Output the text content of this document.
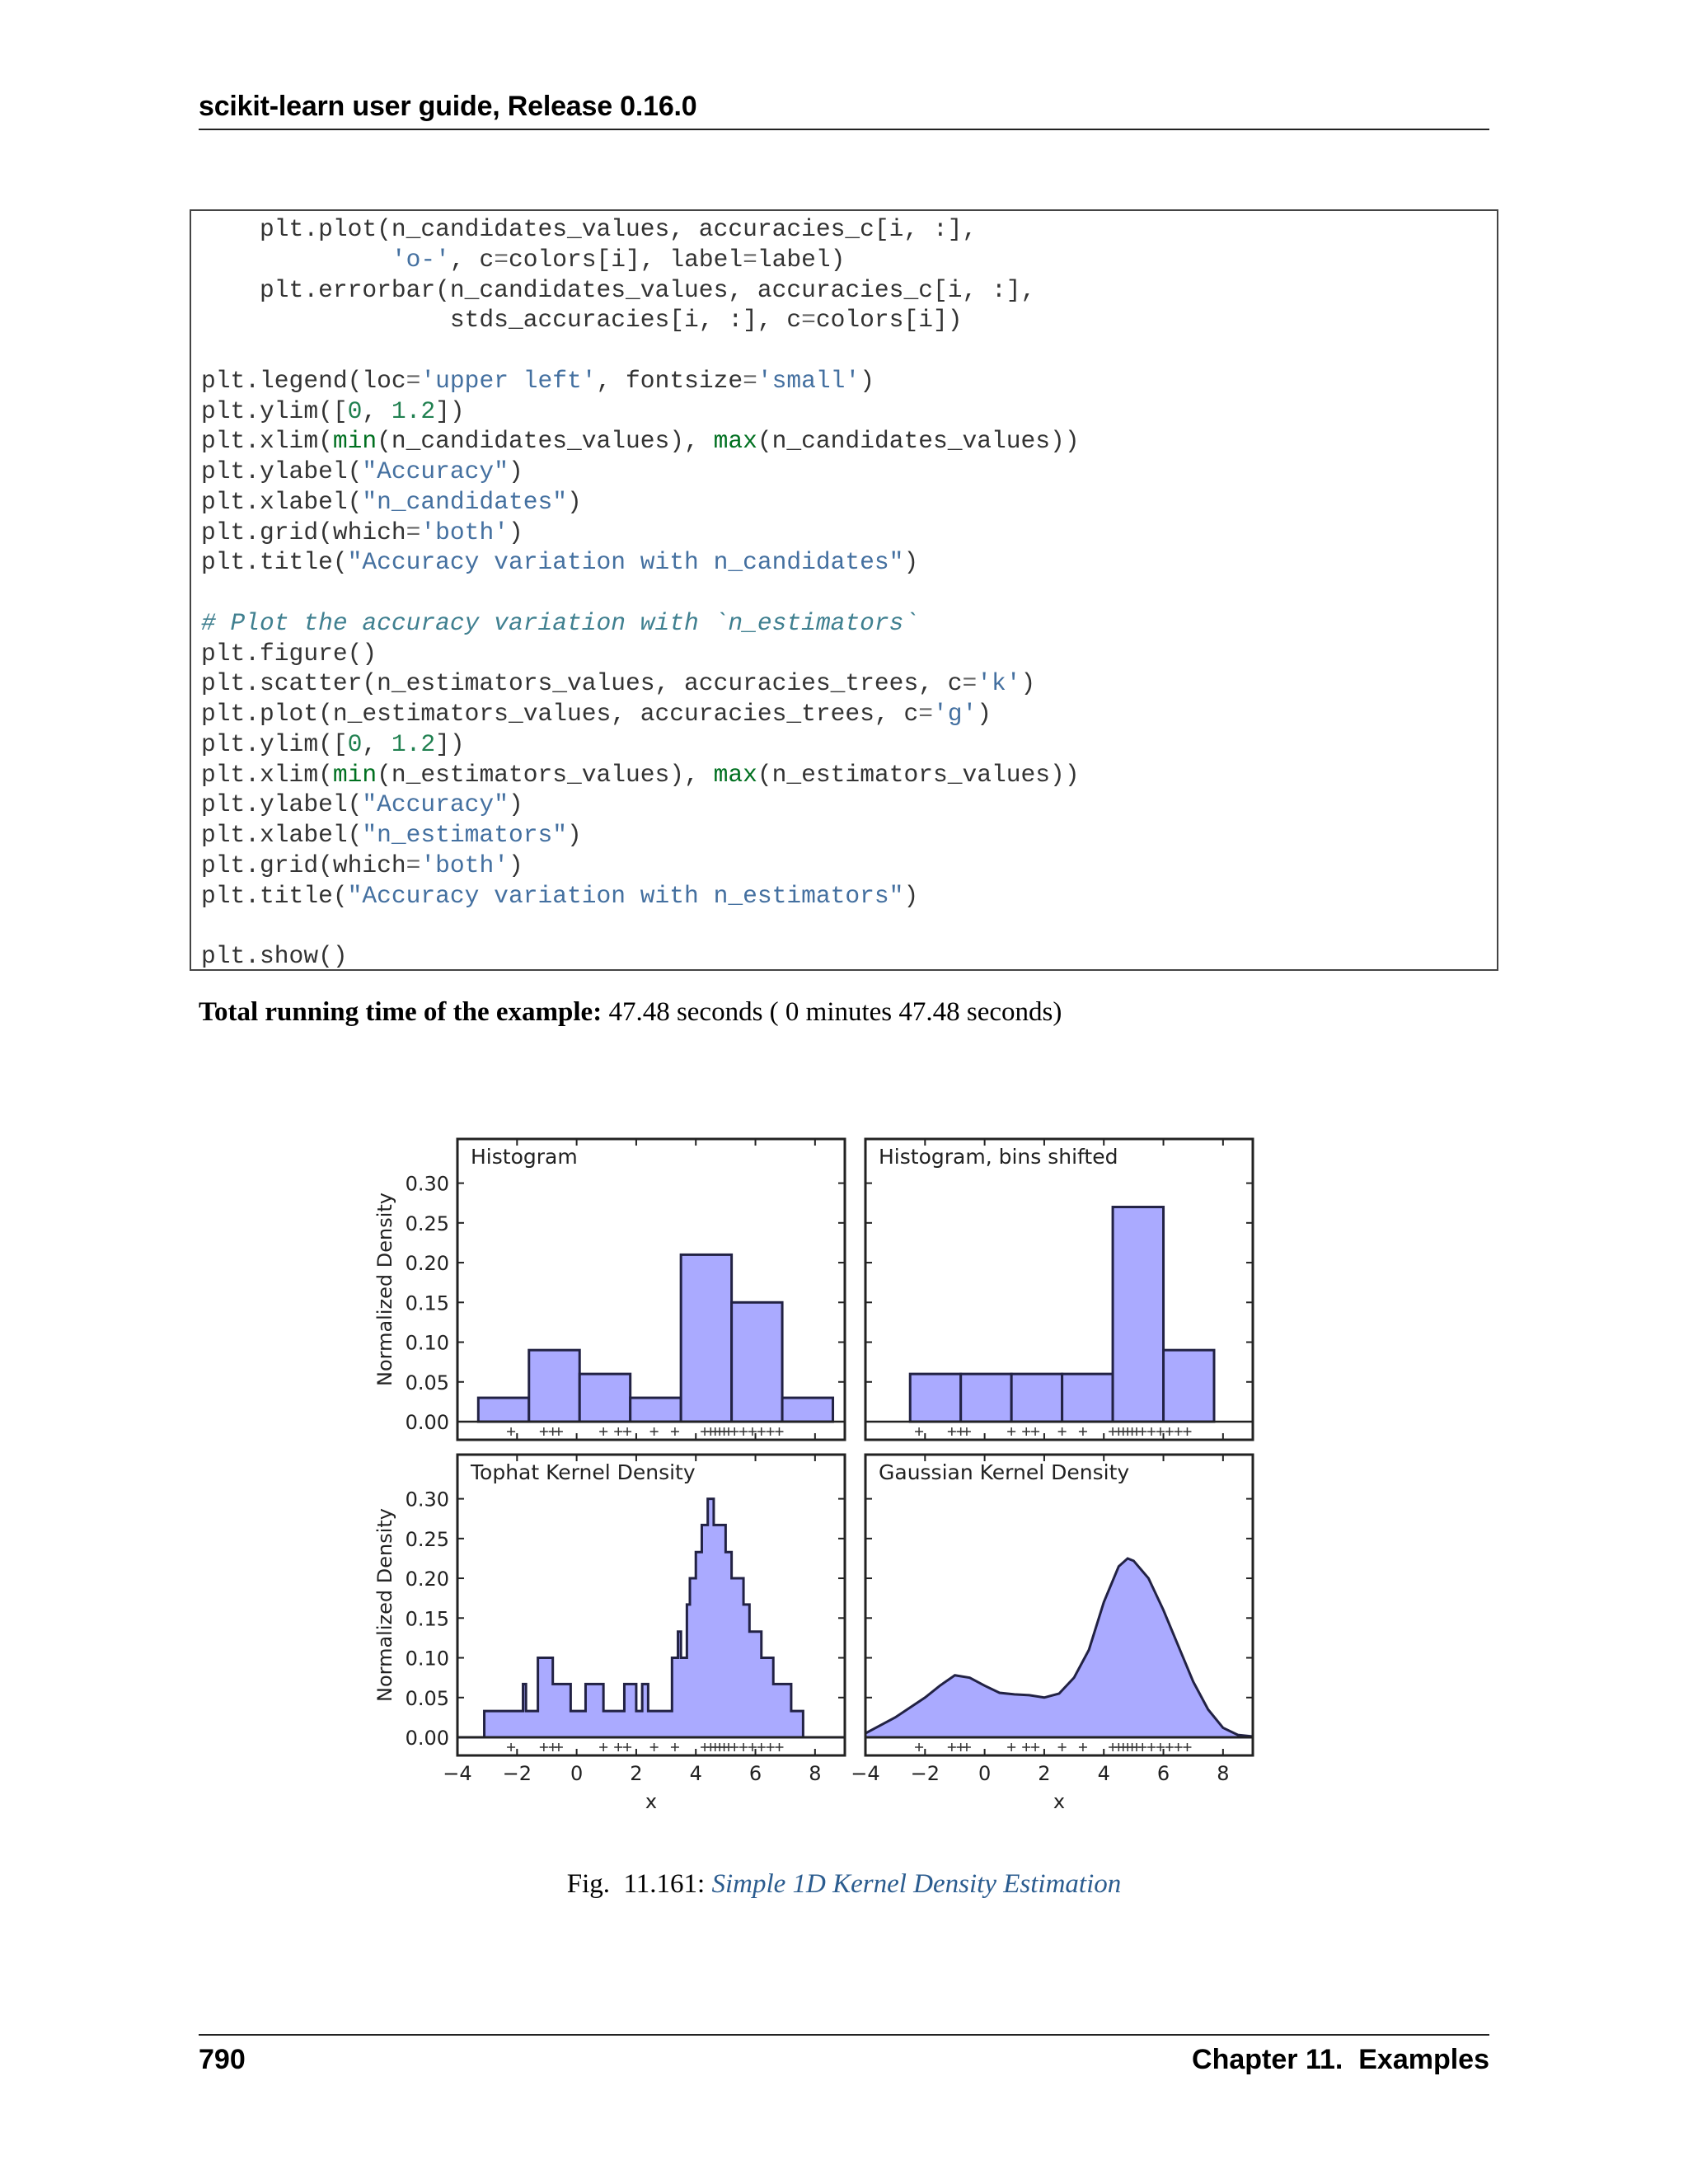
scikit-learn user guide, Release 0.16.0
plt.plot(n_candidates_values, accuracies_c[i, :],
'o-', c=colors[i], label=label)
plt.errorbar(n_candidates_values, accuracies_c[i, :],
stds_accuracies[i, :], c=colors[i])
plt.legend(loc='upper left', fontsize='small')
plt.ylim([0, 1.2])
plt.xlim(min(n_candidates_values), max(n_candidates_values))
plt.ylabel("Accuracy")
plt.xlabel("n_candidates")
plt.grid(which='both')
plt.title("Accuracy variation with n_candidates")
# Plot the accuracy variation with `n_estimators`
plt.figure()
plt.scatter(n_estimators_values, accuracies_trees, c='k')
plt.plot(n_estimators_values, accuracies_trees, c='g')
plt.ylim([0, 1.2])
plt.xlim(min(n_estimators_values), max(n_estimators_values))
plt.ylabel("Accuracy")
plt.xlabel("n_estimators")
plt.grid(which='both')
plt.title("Accuracy variation with n_estimators")
plt.show()
Total running time of the example: 47.48 seconds ( 0 minutes 47.48 seconds)
Histogram
0.00
0.05
0.10
0.15
0.20
0.25
0.30
Normalized Density
Histogram, bins shifted
Tophat Kernel Density
0.00
0.05
0.10
0.15
0.20
0.25
0.30
Normalized Density
−4 −2 0 2 4 6 8
x
Gaussian Kernel Density
−4 −2 0 2 4 6 8
x
Fig.  11.161: Simple 1D Kernel Density Estimation
790	Chapter 11.  Examples
